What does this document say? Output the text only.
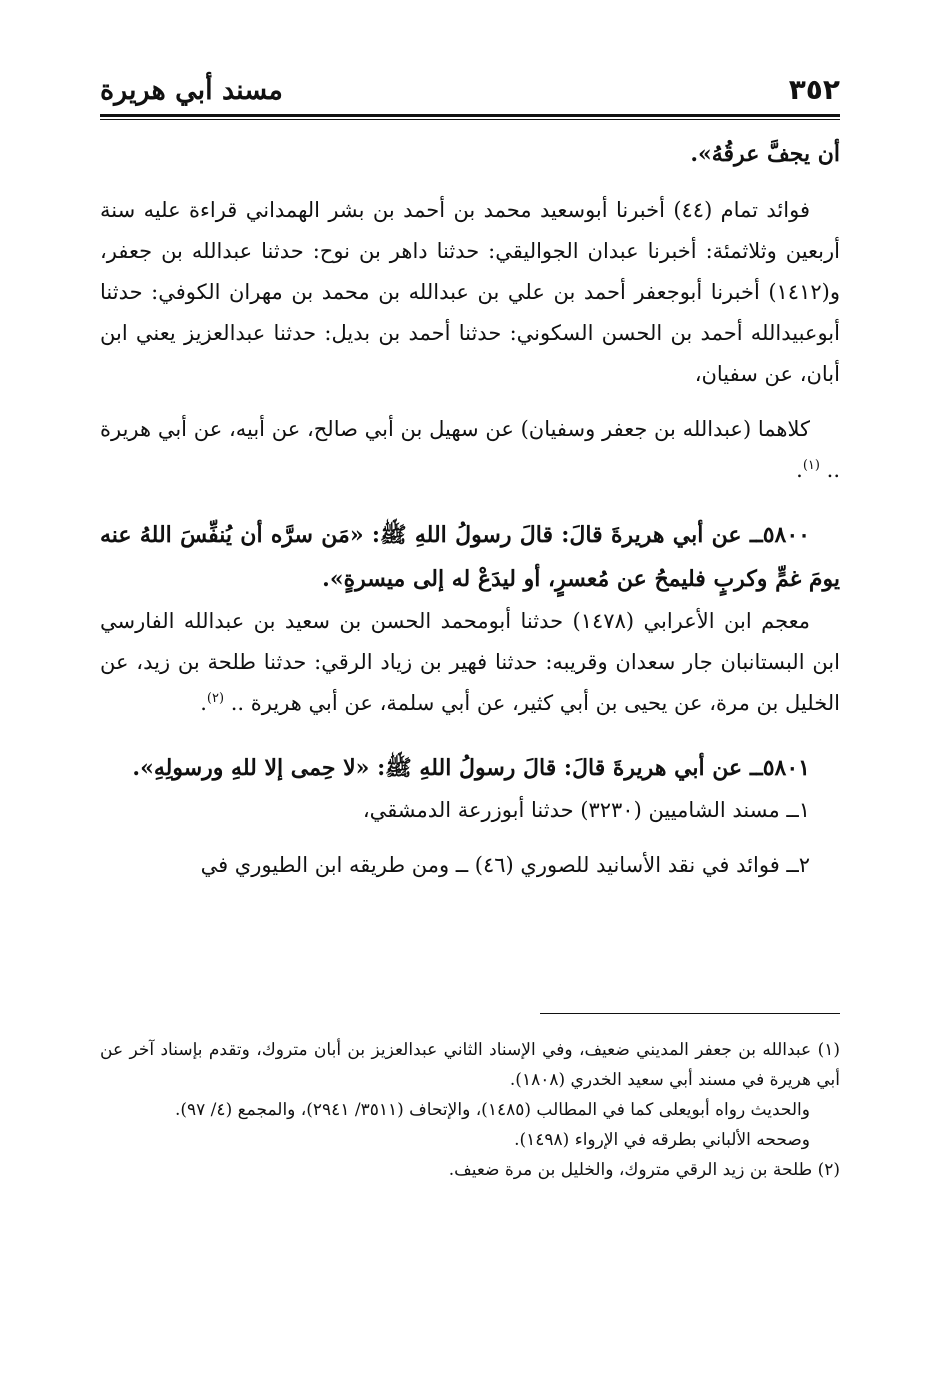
٣٥٢
مسند أبي هريرة

أن يجفَّ عرقُهُ».

فوائد تمام (٤٤) أخبرنا أبوسعيد محمد بن أحمد بن بشر الهمداني قراءة عليه سنة أربعين وثلاثمئة: أخبرنا عبدان الجواليقي: حدثنا داهر بن نوح: حدثنا عبدالله بن جعفر، و(١٤١٢) أخبرنا أبوجعفر أحمد بن علي بن عبدالله بن محمد بن مهران الكوفي: حدثنا أبوعبيدالله أحمد بن الحسن السكوني: حدثنا أحمد بن بديل: حدثنا عبدالعزيز يعني ابن أبان، عن سفيان،

كلاهما (عبدالله بن جعفر وسفيان) عن سهيل بن أبي صالح، عن أبيه، عن أبي هريرة .. $^{(١)}$.

٥٨٠٠ــ عن أبي هريرةَ قالَ: قالَ رسولُ اللهِ ﷺ: «مَن سرَّه أن يُنفِّسَ اللهُ عنه يومَ غمٍّ وكربٍ فليمحُ عن مُعسرٍ، أو ليدَعْ له إلى ميسرةٍ».

معجم ابن الأعرابي (١٤٧٨) حدثنا أبومحمد الحسن بن سعيد بن عبدالله الفارسي ابن البستانبان جار سعدان وقريبه: حدثنا فهير بن زياد الرقي: حدثنا طلحة بن زيد، عن الخليل بن مرة، عن يحيى بن أبي كثير، عن أبي سلمة، عن أبي هريرة .. $^{(٢)}$.

٥٨٠١ــ عن أبي هريرةَ قالَ: قالَ رسولُ اللهِ ﷺ: «لا حِمى إلا للهِ ورسولِهِ».

١ــ مسند الشاميين (٣٢٣٠) حدثنا أبوزرعة الدمشقي،

٢ــ فوائد في نقد الأسانيد للصوري (٤٦) ــ ومن طريقه ابن الطيوري في

(١) عبدالله بن جعفر المديني ضعيف، وفي الإسناد الثاني عبدالعزيز بن أبان متروك، وتقدم بإسناد آخر عن أبي هريرة في مسند أبي سعيد الخدري (١٨٠٨).

والحديث رواه أبويعلى كما في المطالب (١٤٨٥)، والإتحاف (٣٥١١/ ٢٩٤١)، والمجمع (٤/ ٩٧).

وصححه الألباني بطرقه في الإرواء (١٤٩٨).

(٢) طلحة بن زيد الرقي متروك، والخليل بن مرة ضعيف.
